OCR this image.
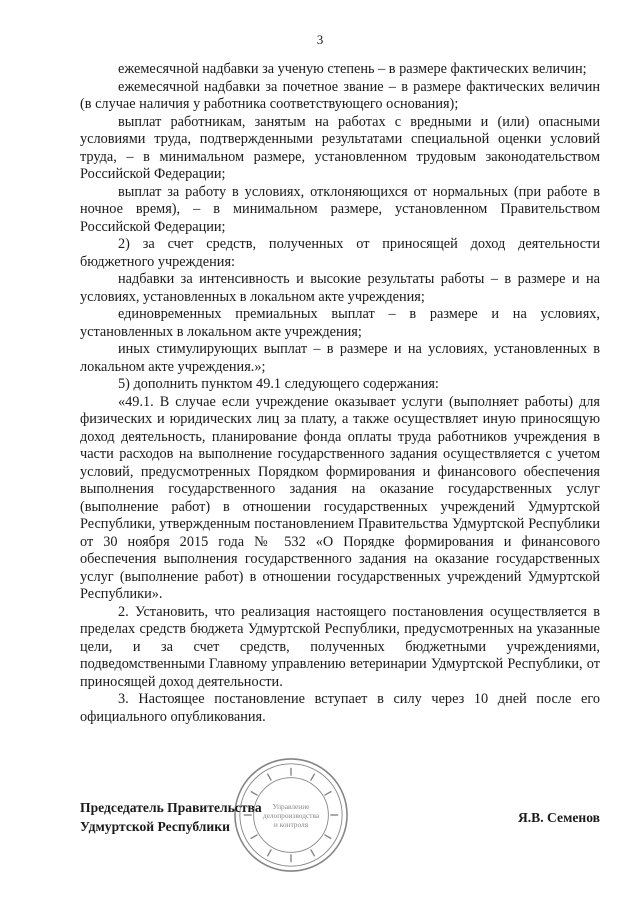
3

ежемесячной надбавки за ученую степень – в размере фактических величин;

ежемесячной надбавки за почетное звание – в размере фактических величин (в случае наличия у работника соответствующего основания);

выплат работникам, занятым на работах с вредными и (или) опасными условиями труда, подтвержденными результатами специальной оценки условий труда, – в минимальном размере, установленном трудовым законодательством Российской Федерации;

выплат за работу в условиях, отклоняющихся от нормальных (при работе в ночное время), – в минимальном размере, установленном Правительством Российской Федерации;

2) за счет средств, полученных от приносящей доход деятельности бюджетного учреждения:

надбавки за интенсивность и высокие результаты работы – в размере и на условиях, установленных в локальном акте учреждения;

единовременных премиальных выплат – в размере и на условиях, установленных в локальном акте учреждения;

иных стимулирующих выплат – в размере и на условиях, установленных в локальном акте учреждения.»;

5) дополнить пунктом 49.1 следующего содержания:

«49.1. В случае если учреждение оказывает услуги (выполняет работы) для физических и юридических лиц за плату, а также осуществляет иную приносящую доход деятельность, планирование фонда оплаты труда работников учреждения в части расходов на выполнение государственного задания осуществляется с учетом условий, предусмотренных Порядком формирования и финансового обеспечения выполнения государственного задания на оказание государственных услуг (выполнение работ) в отношении государственных учреждений Удмуртской Республики, утвержденным постановлением Правительства Удмуртской Республики от 30 ноября 2015 года № 532 «О Порядке формирования и финансового обеспечения выполнения государственного задания на оказание государственных услуг (выполнение работ) в отношении государственных учреждений Удмуртской Республики».

2. Установить, что реализация настоящего постановления осуществляется в пределах средств бюджета Удмуртской Республики, предусмотренных на указанные цели, и за счет средств, полученных бюджетными учреждениями, подведомственными Главному управлению ветеринарии Удмуртской Республики, от приносящей доход деятельности.

3. Настоящее постановление вступает в силу через 10 дней после его официального опубликования.

Управление
делопроизводства
и контроля
Председатель Правительства
Удмуртской Республики
Я.В. Семенов
